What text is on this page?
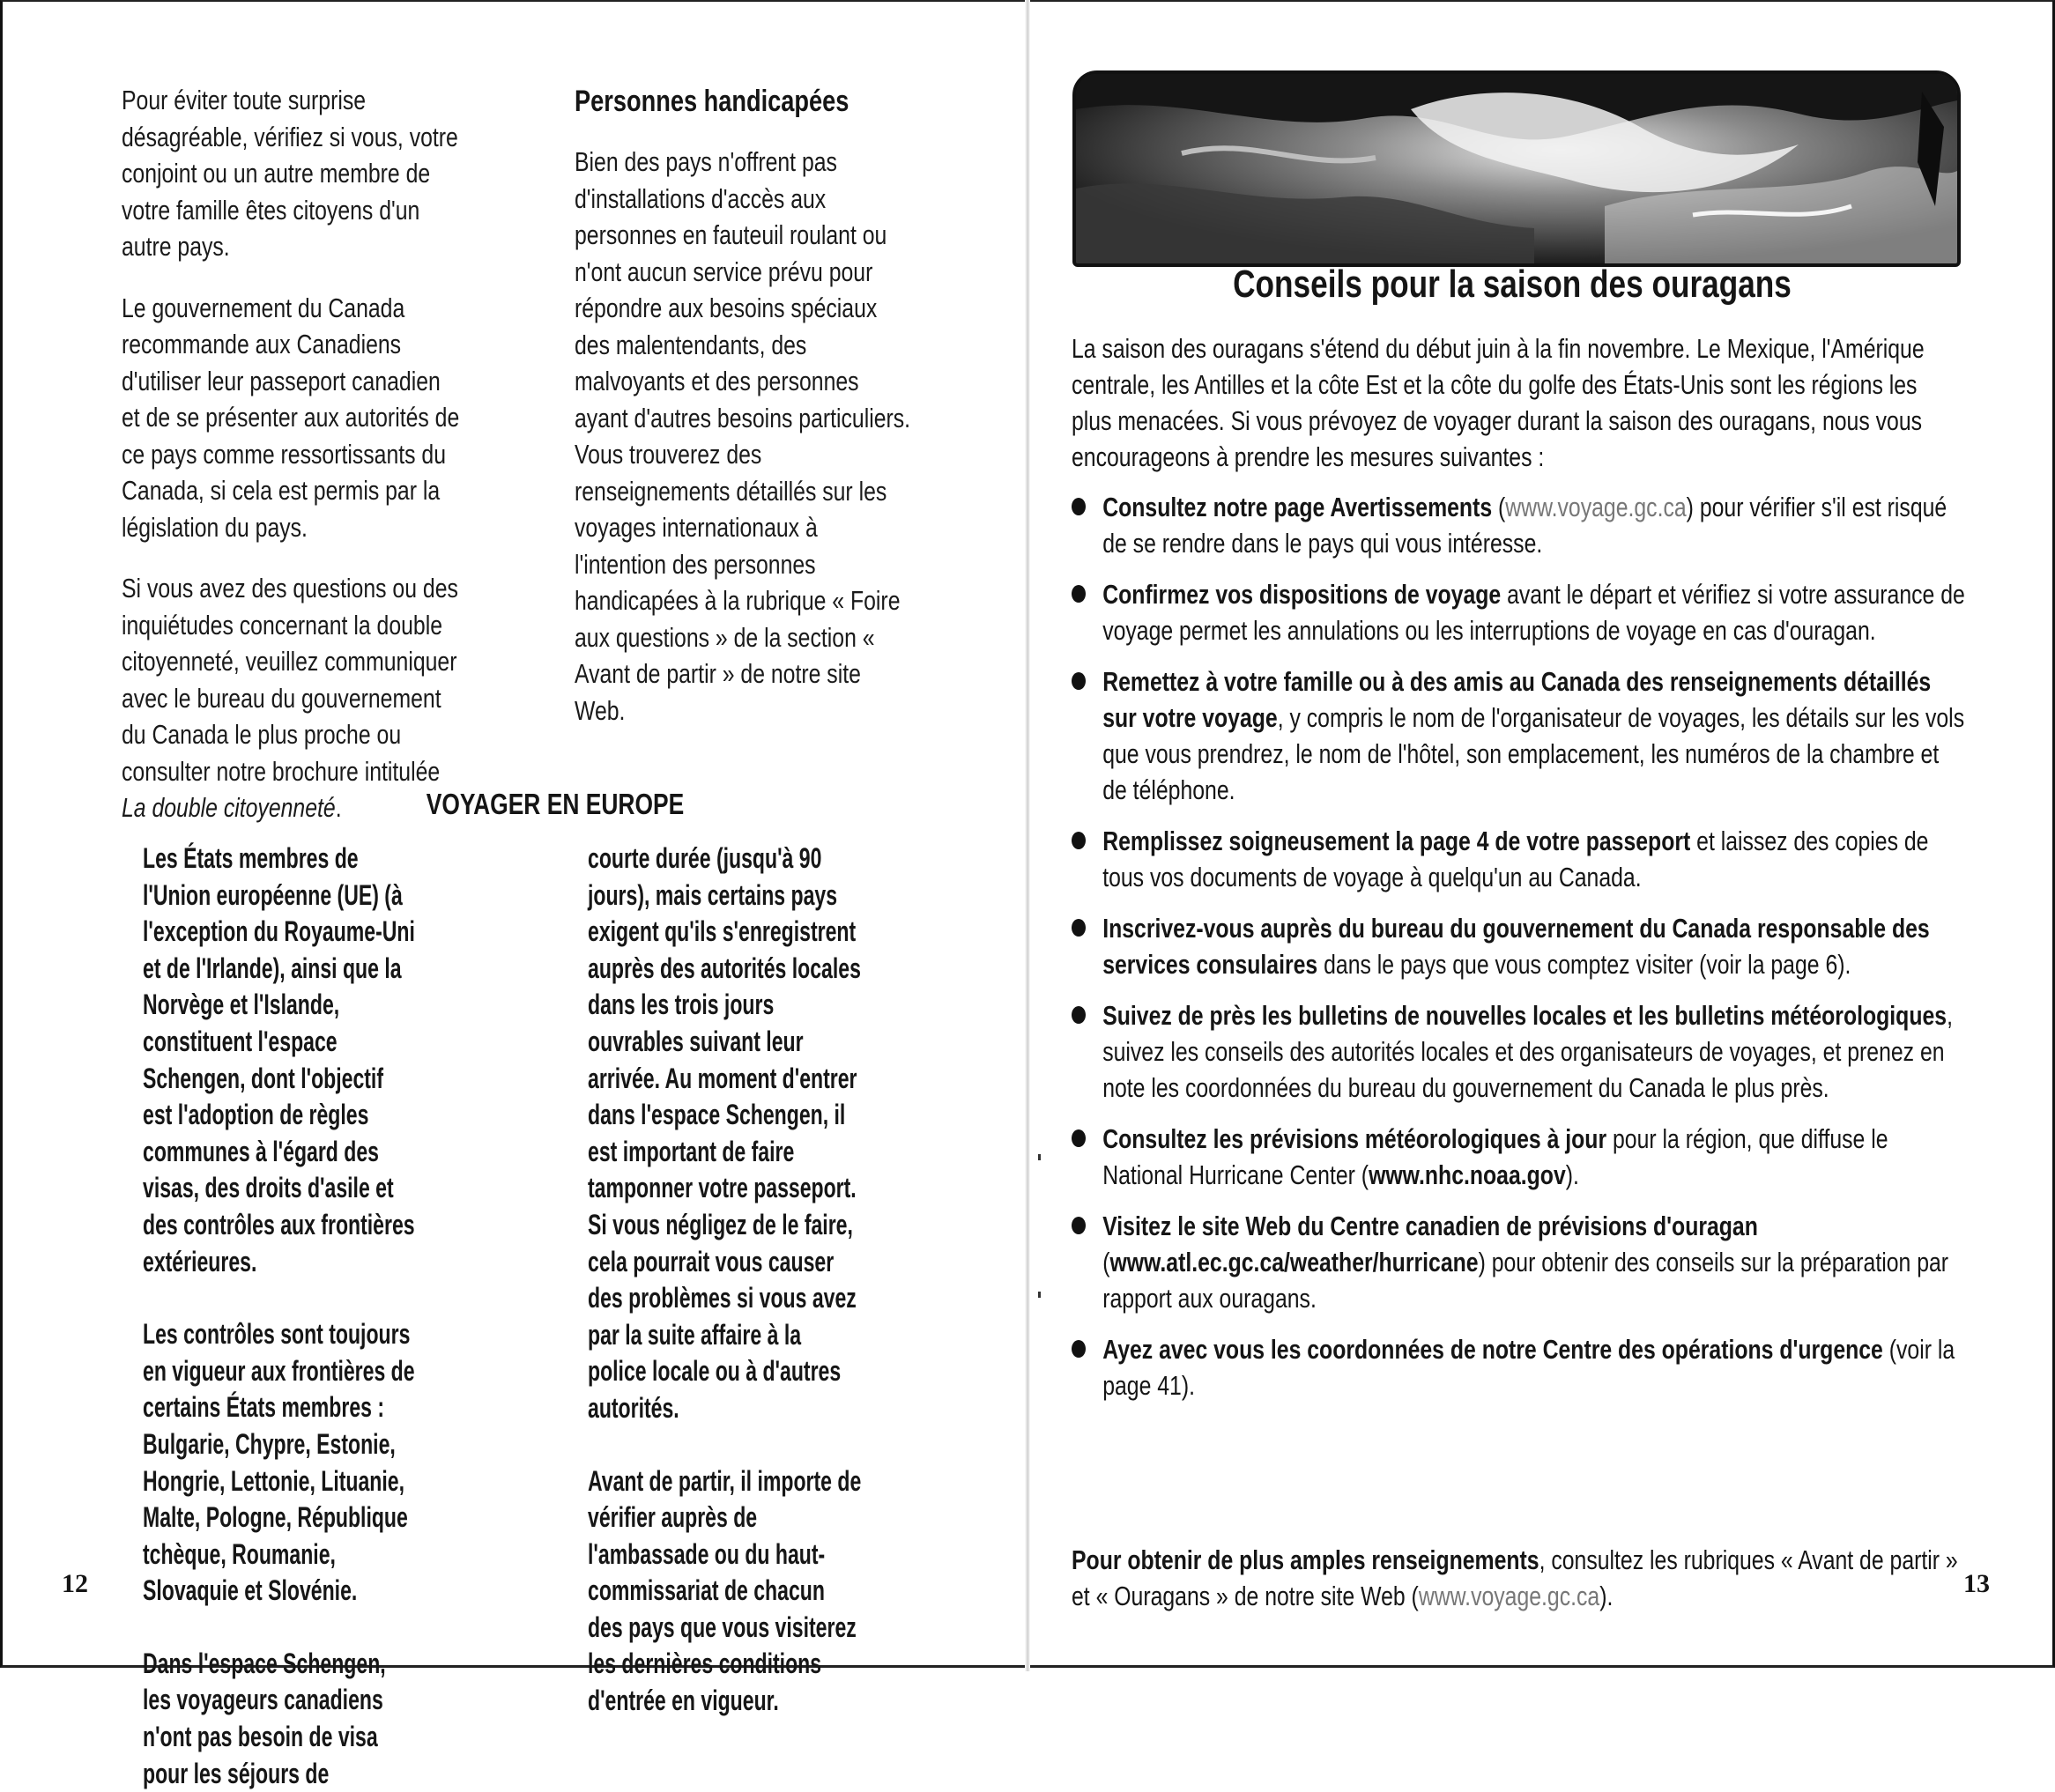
Pour éviter toute surprise désagréable, vérifiez si vous, votre conjoint ou un autre membre de votre famille êtes citoyens d'un autre pays.

Le gouvernement du Canada recommande aux Canadiens d'utiliser leur passeport canadien et de se présenter aux autorités de ce pays comme ressortissants du Canada, si cela est permis par la législation du pays.

Si vous avez des questions ou des inquiétudes concernant la double citoyenneté, veuillez communiquer avec le bureau du gouvernement du Canada le plus proche ou consulter notre brochure intitulée La double citoyenneté.

Personnes handicapées

Bien des pays n'offrent pas d'installations d'accès aux personnes en fauteuil roulant ou n'ont aucun service prévu pour répondre aux besoins spéciaux des malentendants, des malvoyants et des personnes ayant d'autres besoins particuliers. Vous trouverez des renseignements détaillés sur les voyages internationaux à l'intention des personnes handicapées à la rubrique « Foire aux questions » de la section « Avant de partir » de notre site Web.

VOYAGER EN EUROPE

Les États membres de l'Union européenne (UE) (à l'exception du Royaume-Uni et de l'Irlande), ainsi que la Norvège et l'Islande, constituent l'espace Schengen, dont l'objectif est l'adoption de règles communes à l'égard des visas, des droits d'asile et des contrôles aux frontières extérieures.

Les contrôles sont toujours en vigueur aux frontières de certains États membres : Bulgarie, Chypre, Estonie, Hongrie, Lettonie, Lituanie, Malte, Pologne, République tchèque, Roumanie, Slovaquie et Slovénie.

Dans l'espace Schengen, les voyageurs canadiens n'ont pas besoin de visa pour les séjours de

courte durée (jusqu'à 90 jours), mais certains pays exigent qu'ils s'enregistrent auprès des autorités locales dans les trois jours ouvrables suivant leur arrivée. Au moment d'entrer dans l'espace Schengen, il est important de faire tamponner votre passeport. Si vous négligez de le faire, cela pourrait vous causer des problèmes si vous avez par la suite affaire à la police locale ou à d'autres autorités.

Avant de partir, il importe de vérifier auprès de l'ambassade ou du haut-commissariat de chacun des pays que vous visiterez les dernières conditions d'entrée en vigueur.

12
Conseils pour la saison des ouragans
La saison des ouragans s'étend du début juin à la fin novembre. Le Mexique, l'Amérique centrale, les Antilles et la côte Est et la côte du golfe des États-Unis sont les régions les plus menacées. Si vous prévoyez de voyager durant la saison des ouragans, nous vous encourageons à prendre les mesures suivantes :
Consultez notre page Avertissements (www.voyage.gc.ca) pour vérifier s'il est risqué de se rendre dans le pays qui vous intéresse.
Confirmez vos dispositions de voyage avant le départ et vérifiez si votre assurance de voyage permet les annulations ou les interruptions de voyage en cas d'ouragan.
Remettez à votre famille ou à des amis au Canada des renseignements détaillés sur votre voyage, y compris le nom de l'organisateur de voyages, les détails sur les vols que vous prendrez, le nom de l'hôtel, son emplacement, les numéros de la chambre et de téléphone.
Remplissez soigneusement la page 4 de votre passeport et laissez des copies de tous vos documents de voyage à quelqu'un au Canada.
Inscrivez-vous auprès du bureau du gouvernement du Canada responsable des services consulaires dans le pays que vous comptez visiter (voir la page 6).
Suivez de près les bulletins de nouvelles locales et les bulletins météorologiques, suivez les conseils des autorités locales et des organisateurs de voyages, et prenez en note les coordonnées du bureau du gouvernement du Canada le plus près.
Consultez les prévisions météorologiques à jour pour la région, que diffuse le National Hurricane Center (www.nhc.noaa.gov).
Visitez le site Web du Centre canadien de prévisions d'ouragan (www.atl.ec.gc.ca/weather/hurricane) pour obtenir des conseils sur la préparation par rapport aux ouragans.
Ayez avec vous les coordonnées de notre Centre des opérations d'urgence (voir la page 41).
Pour obtenir de plus amples renseignements, consultez les rubriques « Avant de partir » et « Ouragans » de notre site Web (www.voyage.gc.ca).	13
